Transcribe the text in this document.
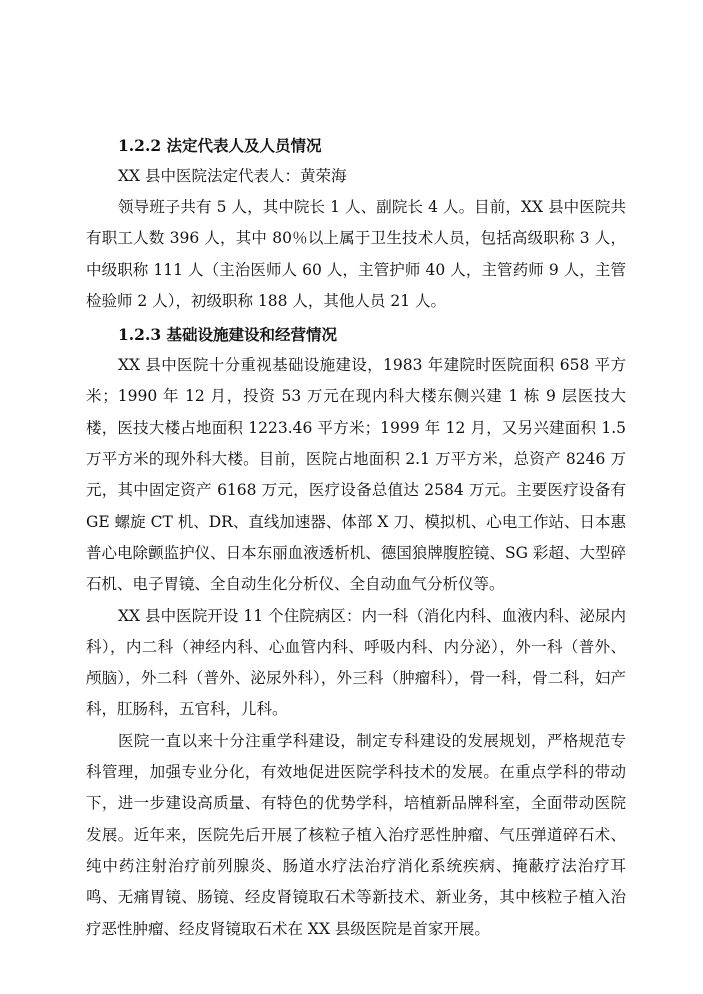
1.2.2 法定代表人及人员情况

XX 县中医院法定代表人：黄荣海

领导班子共有 5 人，其中院长 1 人、副院长 4 人。目前，XX 县中医院共有职工人数 396 人，其中 80％以上属于卫生技术人员，包括高级职称 3 人，中级职称 111 人（主治医师人 60 人，主管护师 40 人，主管药师 9 人，主管检验师 2 人），初级职称 188 人，其他人员 21 人。

1.2.3 基础设施建设和经营情况

XX 县中医院十分重视基础设施建设，1983 年建院时医院面积 658 平方米；1990 年 12 月，投资 53 万元在现内科大楼东侧兴建 1 栋 9 层医技大楼，医技大楼占地面积 1223.46 平方米；1999 年 12 月，又另兴建面积 1.5 万平方米的现外科大楼。目前，医院占地面积 2.1 万平方米，总资产 8246 万元，其中固定资产 6168 万元，医疗设备总值达 2584 万元。主要医疗设备有 GE 螺旋 CT 机、DR、直线加速器、体部 X 刀、模拟机、心电工作站、日本惠普心电除颤监护仪、日本东丽血液透析机、德国狼牌腹腔镜、SG 彩超、大型碎石机、电子胃镜、全自动生化分析仪、全自动血气分析仪等。

XX 县中医院开设 11 个住院病区：内一科（消化内科、血液内科、泌尿内科），内二科（神经内科、心血管内科、呼吸内科、内分泌），外一科（普外、颅脑），外二科（普外、泌尿外科），外三科（肿瘤科），骨一科，骨二科，妇产科，肛肠科，五官科，儿科。

医院一直以来十分注重学科建设，制定专科建设的发展规划，严格规范专科管理，加强专业分化，有效地促进医院学科技术的发展。在重点学科的带动下，进一步建设高质量、有特色的优势学科，培植新品牌科室，全面带动医院发展。近年来，医院先后开展了核粒子植入治疗恶性肿瘤、气压弹道碎石术、纯中药注射治疗前列腺炎、肠道水疗法治疗消化系统疾病、掩蔽疗法治疗耳鸣、无痛胃镜、肠镜、经皮肾镜取石术等新技术、新业务，其中核粒子植入治疗恶性肿瘤、经皮肾镜取石术在 XX 县级医院是首家开展。
